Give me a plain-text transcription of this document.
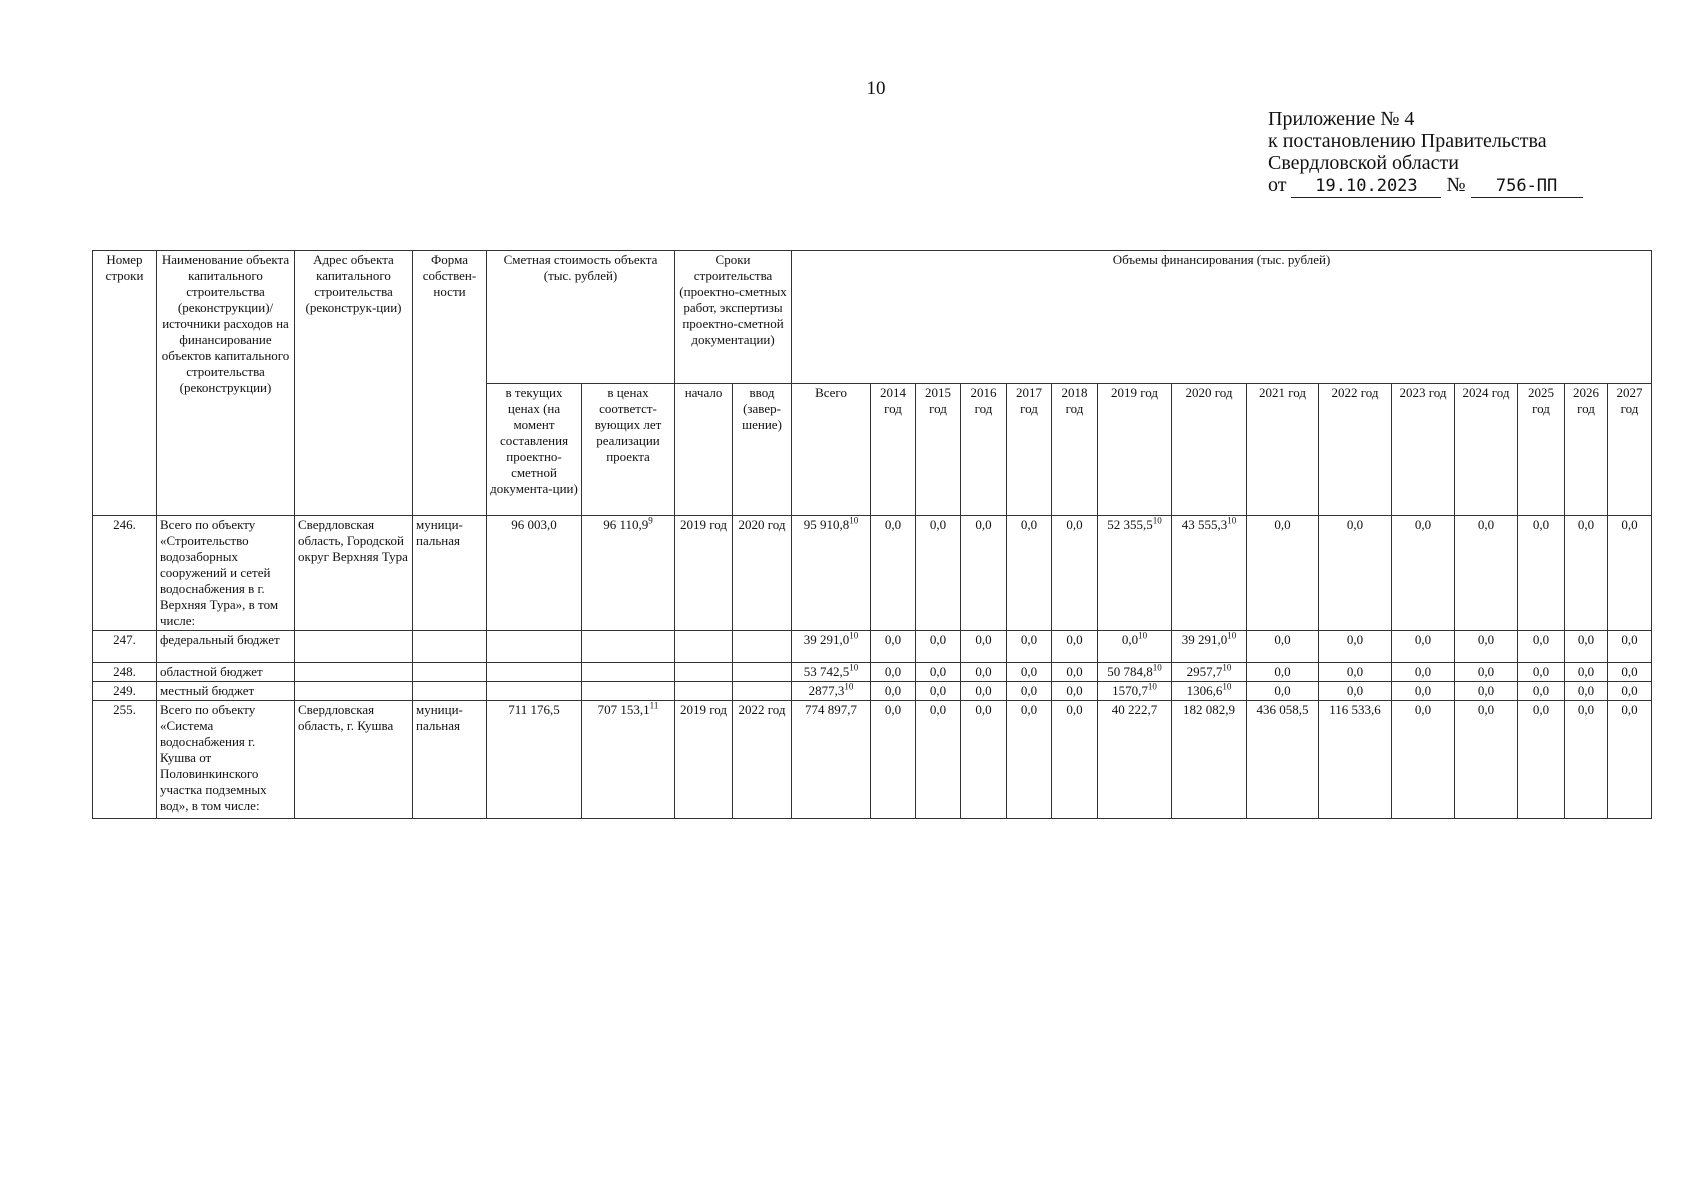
10
Приложение № 4
к постановлению Правительства
Свердловской области
от 19.10.2023 № 756-ПП
Номер строки	Наименование объекта капитального строительства (реконструкции)/ источники расходов на финансирование объектов капитального строительства (реконструкции)	Адрес объекта капитального строительства (реконструк-ции)	Форма собствен-ности	Сметная стоимость объекта (тыс. рублей)		Сроки строительства (проектно-сметных работ, экспертизы проектно-сметной документации)		Объемы финансирования (тыс. рублей)														
				в текущих ценах (на момент составления проектно-сметной документа-ции)	в ценах соответст-вующих лет реализации проекта	начало	ввод (завер-шение)	Всего	2014 год	2015 год	2016 год	2017 год	2018 год	2019 год	2020 год	2021 год	2022 год	2023 год	2024 год	2025 год	2026 год	2027 год
246.	Всего по объекту «Строительство водозаборных сооружений и сетей водоснабжения в г. Верхняя Тура», в том числе:	Свердловская область, Городской округ Верхняя Тура	муници-пальная	96 003,0	96 110,9$^9$	2019 год	2020 год	95 910,8$^{10}$	0,0	0,0	0,0	0,0	0,0	52 355,5$^{10}$	43 555,3$^{10}$	0,0	0,0	0,0	0,0	0,0	0,0	0,0
247.	федеральный бюджет							39 291,0$^{10}$	0,0	0,0	0,0	0,0	0,0	$0,0^{10}$	39 291,0$^{10}$	0,0	0,0	0,0	0,0	0,0	0,0	0,0
248.	областной бюджет							53 742,5$^{10}$	0,0	0,0	0,0	0,0	0,0	50 784,8$^{10}$	2957,7$^{10}$	0,0	0,0	0,0	0,0	0,0	0,0	0,0
249.	местный бюджет							2877,3$^{10}$	0,0	0,0	0,0	0,0	0,0	1570,7$^{10}$	1306,6$^{10}$	0,0	0,0	0,0	0,0	0,0	0,0	0,0
255.	Всего по объекту «Система водоснабжения г. Кушва от Половинкинского участка подземных вод», в том числе:	Свердловская область, г. Кушва	муници-пальная	711 176,5	707 153,1$^{11}$	2019 год	2022 год	774 897,7	0,0	0,0	0,0	0,0	0,0	40 222,7	182 082,9	436 058,5	116 533,6	0,0	0,0	0,0	0,0	0,0
